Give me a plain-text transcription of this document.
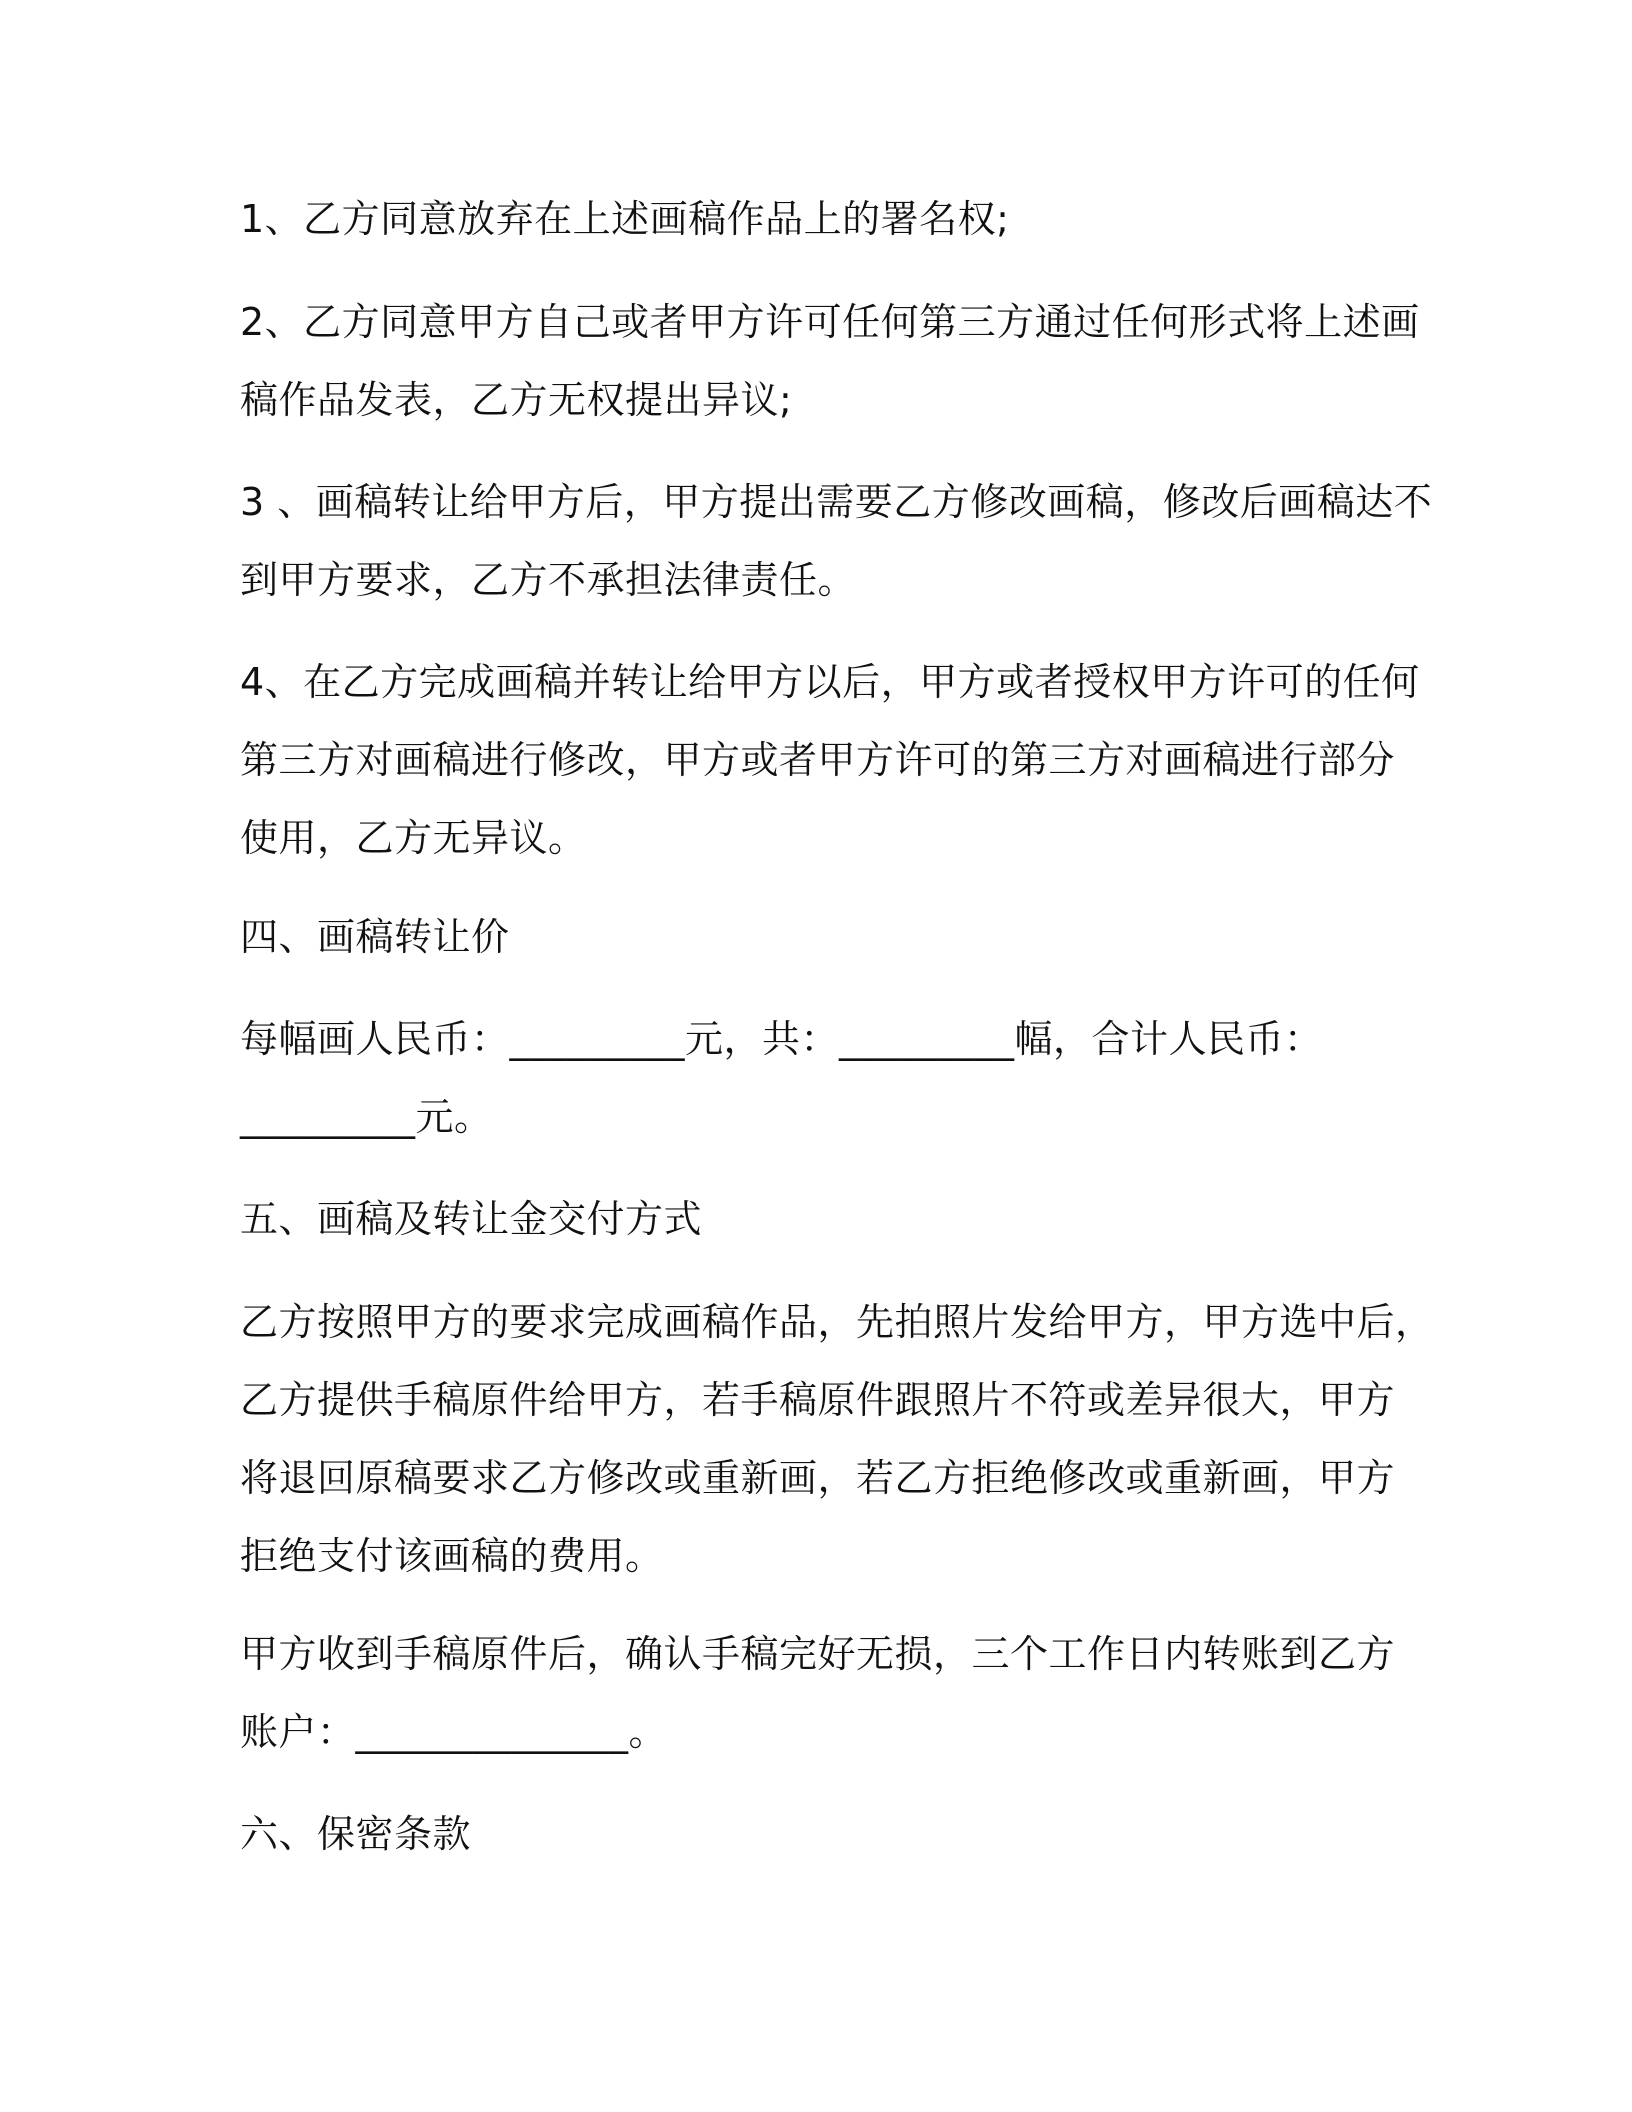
1、乙方同意放弃在上述画稿作品上的署名权;
2、乙方同意甲方自己或者甲方许可任何第三方通过任何形式将上述画
稿作品发表，乙方无权提出异议;
3 、画稿转让给甲方后，甲方提出需要乙方修改画稿，修改后画稿达不
到甲方要求，乙方不承担法律责任。
4、在乙方完成画稿并转让给甲方以后，甲方或者授权甲方许可的任何
第三方对画稿进行修改，甲方或者甲方许可的第三方对画稿进行部分
使用，乙方无异议。
四、画稿转让价
每幅画人民币：_________元，共：_________幅，合计人民币：
_________元。
五、画稿及转让金交付方式
乙方按照甲方的要求完成画稿作品，先拍照片发给甲方，甲方选中后，
乙方提供手稿原件给甲方，若手稿原件跟照片不符或差异很大，甲方
将退回原稿要求乙方修改或重新画，若乙方拒绝修改或重新画，甲方
拒绝支付该画稿的费用。
甲方收到手稿原件后，确认手稿完好无损，三个工作日内转账到乙方
账户：______________。
六、保密条款
